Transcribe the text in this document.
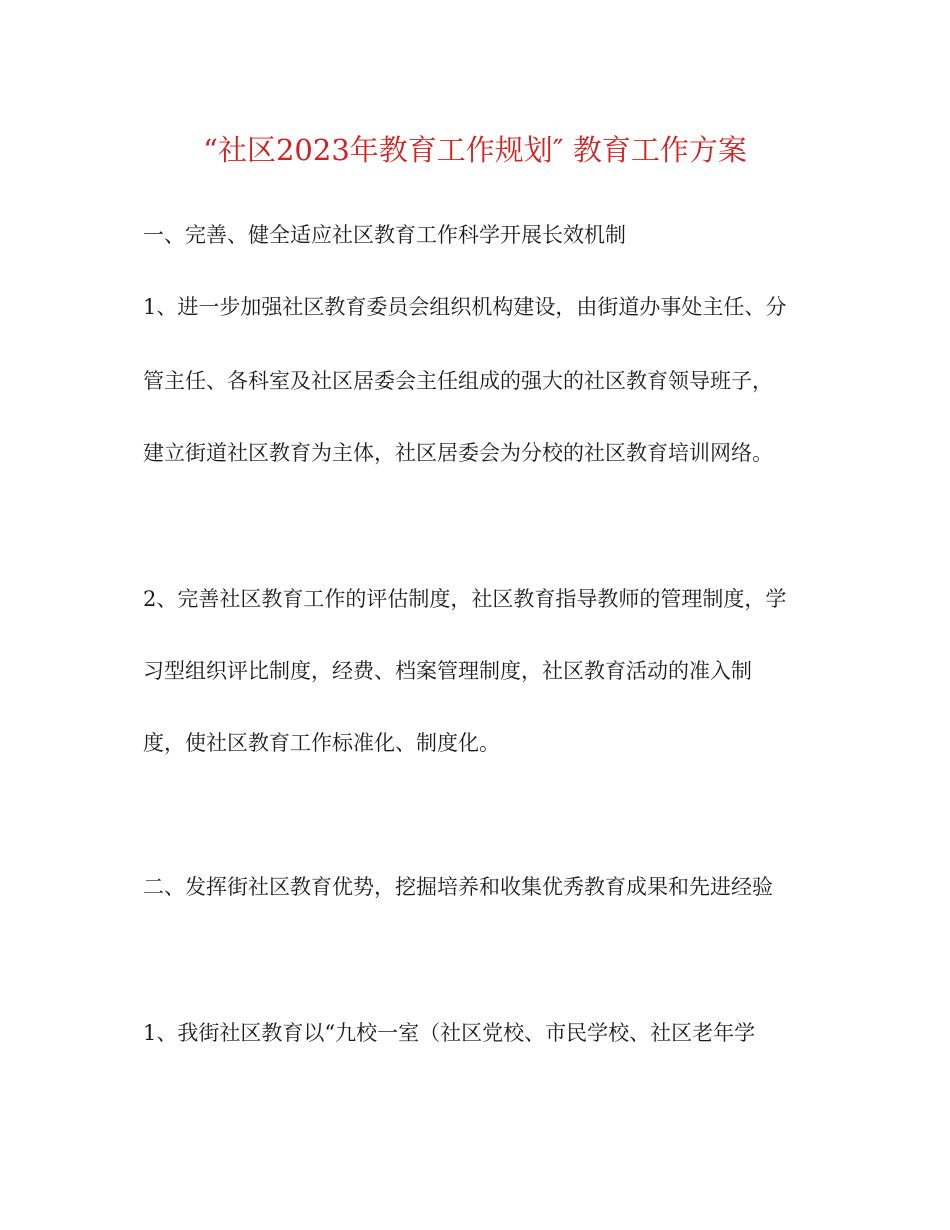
“社区2023年教育工作规划″ 教育工作方案
一、完善、健全适应社区教育工作科学开展长效机制
1、进一步加强社区教育委员会组织机构建设，由街道办事处主任、分
管主任、各科室及社区居委会主任组成的强大的社区教育领导班子，
建立街道社区教育为主体，社区居委会为分校的社区教育培训网络。
2、完善社区教育工作的评估制度，社区教育指导教师的管理制度，学
习型组织评比制度，经费、档案管理制度，社区教育活动的准入制
度，使社区教育工作标准化、制度化。
二、发挥街社区教育优势，挖掘培养和收集优秀教育成果和先进经验
1、我街社区教育以“九校一室（社区党校、市民学校、社区老年学
